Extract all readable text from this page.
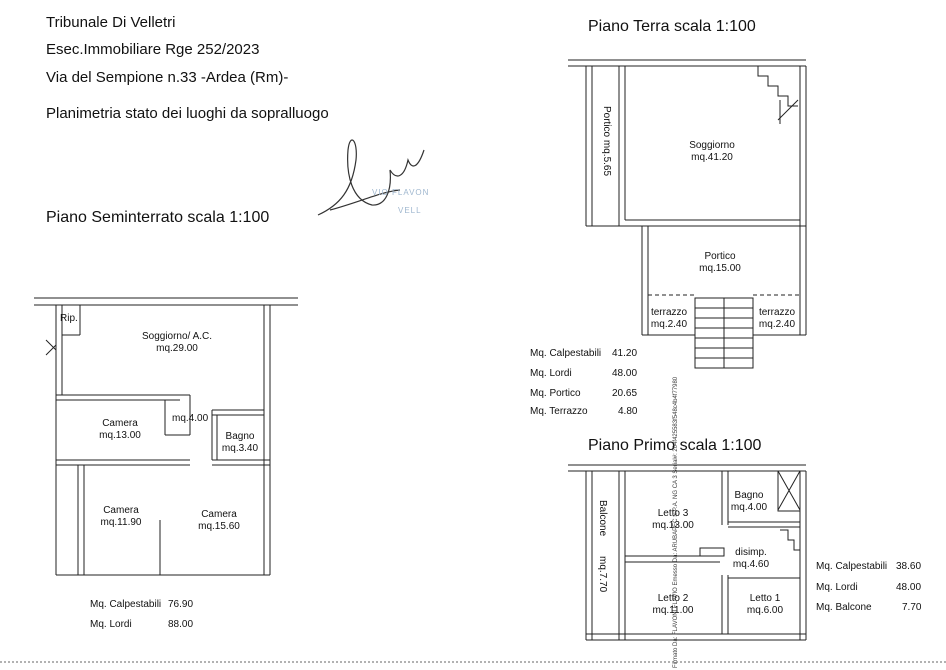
Tribunale Di Velletri
Esec.Immobiliare Rge 252/2023
Via del Sempione n.33 -Ardea (Rm)-
Planimetria stato dei luoghi da sopralluogo
VIO FLAVON
VELL
Piano Seminterrato scala 1:100
Rip.
Soggiorno/ A.C.
mq.29.00
Camera
mq.13.00
mq.4.00
Bagno
mq.3.40
Camera
mq.11.90
Camera
mq.15.60
Mq. Calpestabili 76.90
Mq. Lordi	88.00
Piano Terra scala 1:100
Soggiorno
mq.41.20
Portico mq.5.65
Portico
mq.15.00
terrazzo
mq.2.40
terrazzo
mq.2.40
Mq. Calpestabili 41.20
Mq. Lordi	48.00
Mq. Portico	20.65
Mq. Terrazzo	4.80
Piano Primo scala 1:100
Letto 3
mq.13.00
Bagno
mq.4.00
disimp.
mq.4.60
Letto 2
mq.11.00
Letto 1
mq.6.00
Balcone
mq.7.70	Mq. Calpestabili 38.60
Mq. Lordi	48.00
Mq. Balcone	7.70
Firmato Da: FLAVONI FLAVIO Emesso Da: ARUBAPEC S.P.A. NG CA 3 Serial#: 204f425583f548c4b4f77980
